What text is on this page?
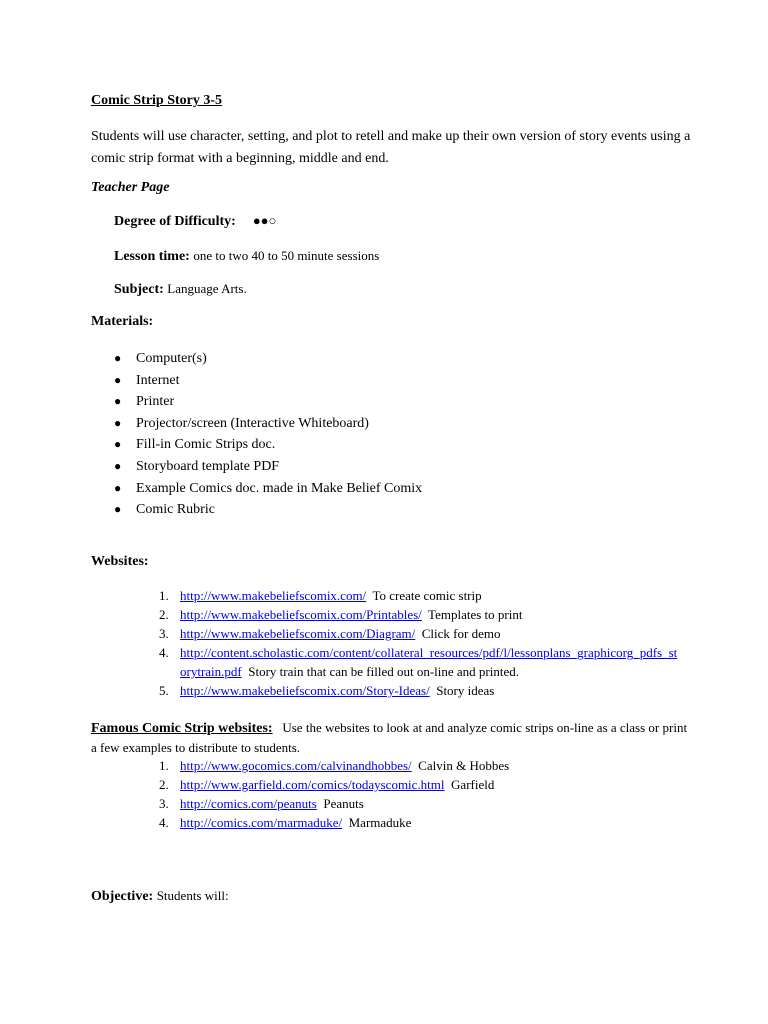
Comic Strip Story 3-5
Students will use character, setting, and plot to retell and make up their own version of story events using a comic strip format with a beginning, middle and end.
Teacher Page
Degree of Difficulty: ●●○
Lesson time: one to two 40 to 50 minute sessions
Subject: Language Arts.
Materials:
● Computer(s)
● Internet
● Printer
● Projector/screen (Interactive Whiteboard)
● Fill-in Comic Strips doc.
● Storyboard template PDF
● Example Comics doc. made in Make Belief Comix
● Comic Rubric
Websites:
1. http://www.makebeliefscomix.com/ To create comic strip
2. http://www.makebeliefscomix.com/Printables/ Templates to print
3. http://www.makebeliefscomix.com/Diagram/ Click for demo
4. http://content.scholastic.com/content/collateral_resources/pdf/l/lessonplans_graphicorg_pdfs_storytrain.pdf Story train that can be filled out on-line and printed.
5. http://www.makebeliefscomix.com/Story-Ideas/ Story ideas
Famous Comic Strip websites: Use the websites to look at and analyze comic strips on-line as a class or print a few examples to distribute to students.
1. http://www.gocomics.com/calvinandhobbes/ Calvin & Hobbes
2. http://www.garfield.com/comics/todayscomic.html Garfield
3. http://comics.com/peanuts Peanuts
4. http://comics.com/marmaduke/ Marmaduke
Objective: Students will:
